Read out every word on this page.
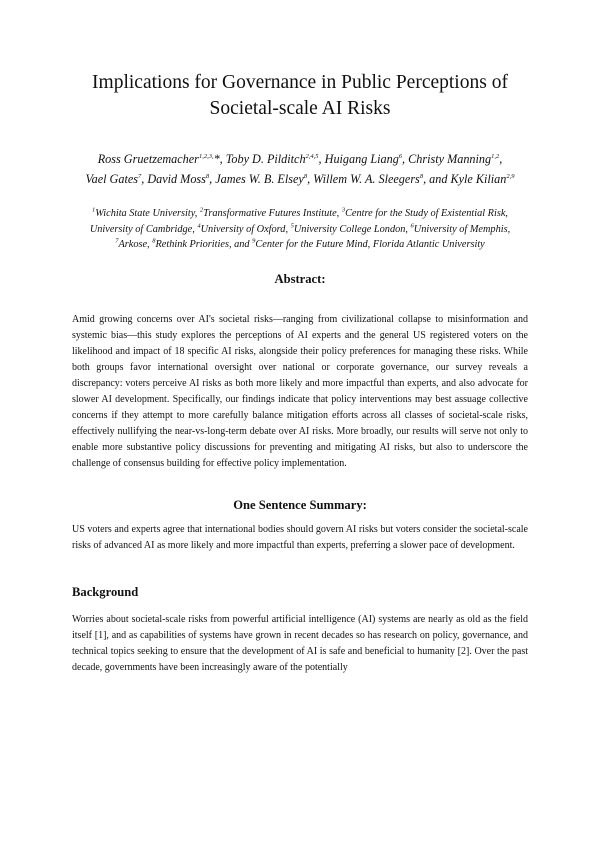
Implications for Governance in Public Perceptions of
Societal-scale AI Risks

Ross Gruetzemacher$^{1,2,3,}$*, Toby D. Pilditch$^{2,4,5}$, Huigang Liang$^6$, Christy Manning$^{1,2}$,
Vael Gates$^7$, David Moss$^8$, James W. B. Elsey$^8$, Willem W. A. Sleegers$^8$, and Kyle Kilian$^{2,9}$

$^1$Wichita State University, $^2$Transformative Futures Institute, $^3$Centre for the Study of Existential Risk, University of Cambridge, $^4$University of Oxford, $^5$University College London, $^6$University of Memphis, $^7$Arkose, $^8$Rethink Priorities, and $^9$Center for the Future Mind, Florida Atlantic University

Abstract:

Amid growing concerns over AI's societal risks—ranging from civilizational collapse to misinformation and systemic bias—this study explores the perceptions of AI experts and the general US registered voters on the likelihood and impact of 18 specific AI risks, alongside their policy preferences for managing these risks. While both groups favor international oversight over national or corporate governance, our survey reveals a discrepancy: voters perceive AI risks as both more likely and more impactful than experts, and also advocate for slower AI development. Specifically, our findings indicate that policy interventions may best assuage collective concerns if they attempt to more carefully balance mitigation efforts across all classes of societal-scale risks, effectively nullifying the near-vs-long-term debate over AI risks. More broadly, our results will serve not only to enable more substantive policy discussions for preventing and mitigating AI risks, but also to underscore the challenge of consensus building for effective policy implementation.

One Sentence Summary:

US voters and experts agree that international bodies should govern AI risks but voters consider the societal-scale risks of advanced AI as more likely and more impactful than experts, preferring a slower pace of development.

Background

Worries about societal-scale risks from powerful artificial intelligence (AI) systems are nearly as old as the field itself [1], and as capabilities of systems have grown in recent decades so has research on policy, governance, and technical topics seeking to ensure that the development of AI is safe and beneficial to humanity [2]. Over the past decade, governments have been increasingly aware of the potentially
